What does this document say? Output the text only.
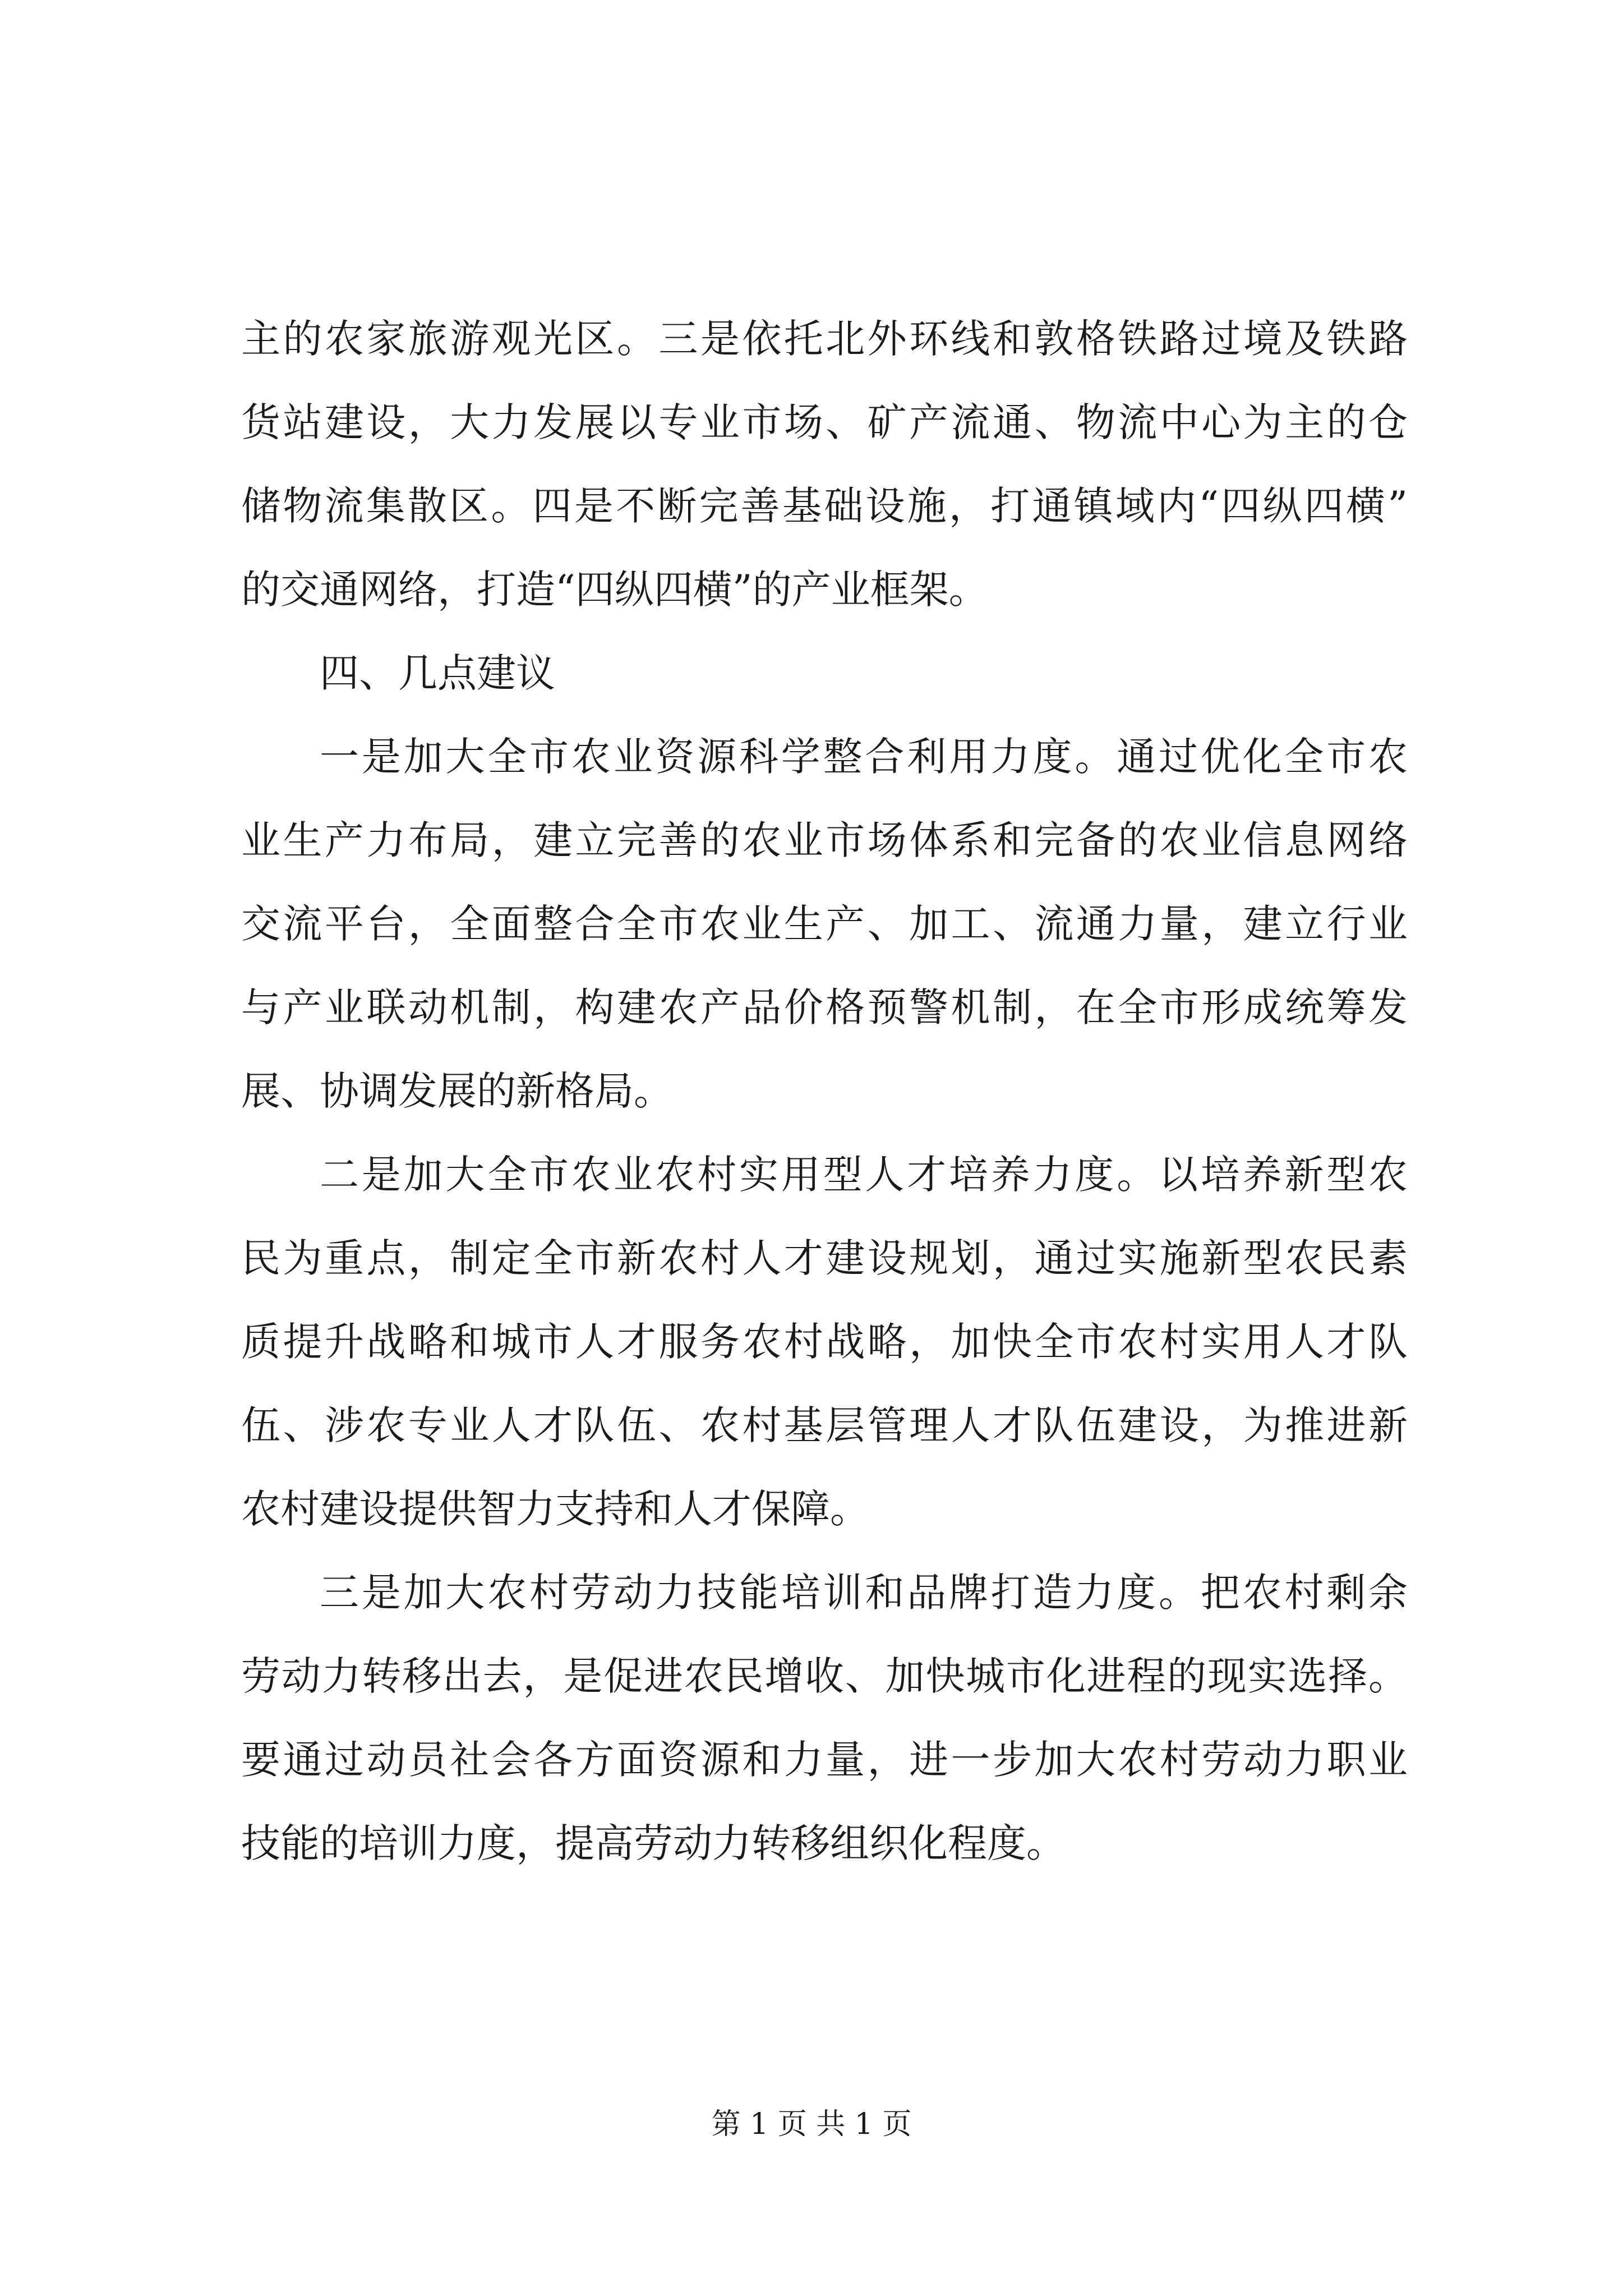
主的农家旅游观光区。三是依托北外环线和敦格铁路过境及铁路
货站建设，大力发展以专业市场、矿产流通、物流中心为主的仓
储物流集散区。四是不断完善基础设施，打通镇域内“四纵四横”
的交通网络，打造“四纵四横”的产业框架。
四、几点建议
一是加大全市农业资源科学整合利用力度。通过优化全市农
业生产力布局，建立完善的农业市场体系和完备的农业信息网络
交流平台，全面整合全市农业生产、加工、流通力量，建立行业
与产业联动机制，构建农产品价格预警机制，在全市形成统筹发
展、协调发展的新格局。
二是加大全市农业农村实用型人才培养力度。以培养新型农
民为重点，制定全市新农村人才建设规划，通过实施新型农民素
质提升战略和城市人才服务农村战略，加快全市农村实用人才队
伍、涉农专业人才队伍、农村基层管理人才队伍建设，为推进新
农村建设提供智力支持和人才保障。
三是加大农村劳动力技能培训和品牌打造力度。把农村剩余
劳动力转移出去，是促进农民增收、加快城市化进程的现实选择。
要通过动员社会各方面资源和力量，进一步加大农村劳动力职业
技能的培训力度，提高劳动力转移组织化程度。
第 1 页 共 1 页
